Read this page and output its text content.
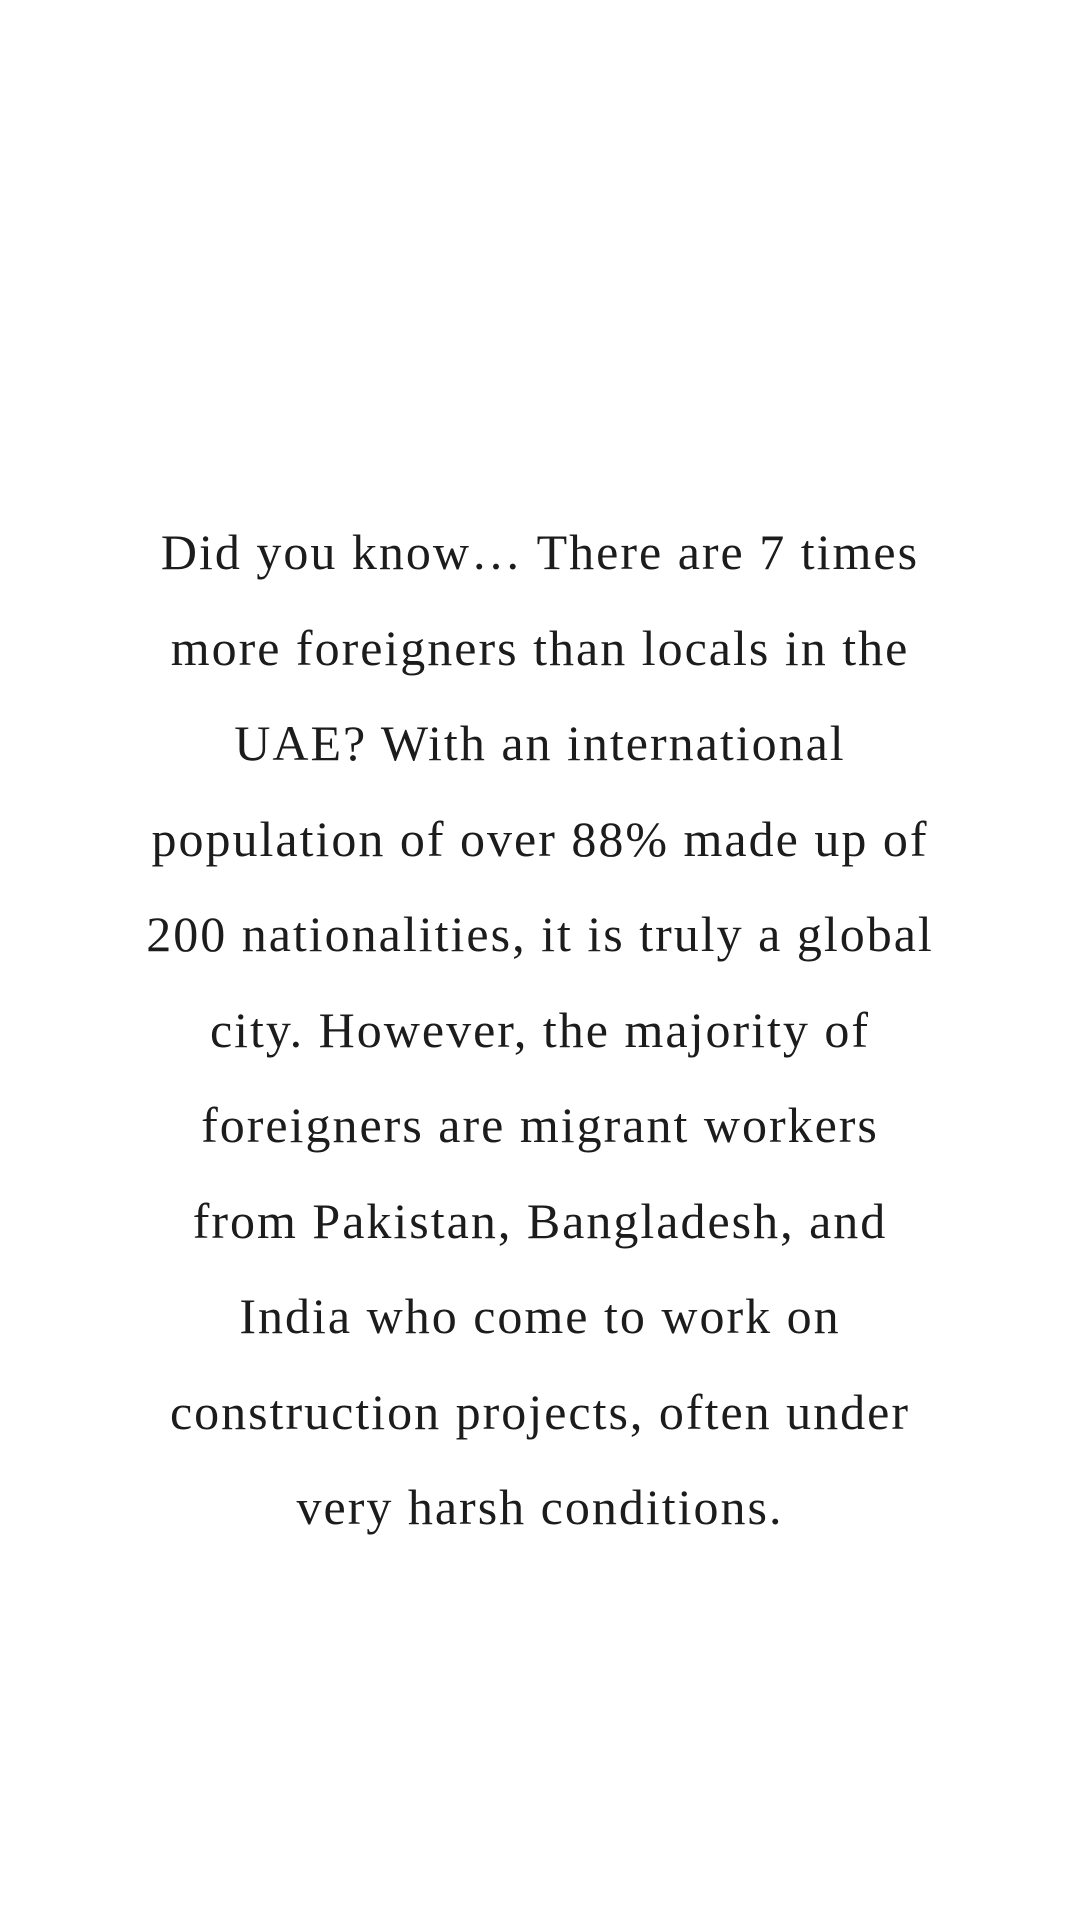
Did you know… There are 7 times
more foreigners than locals in the
UAE? With an international
population of over 88% made up of
200 nationalities, it is truly a global
city. However, the majority of
foreigners are migrant workers
from Pakistan, Bangladesh, and
India who come to work on
construction projects, often under
very harsh conditions.
